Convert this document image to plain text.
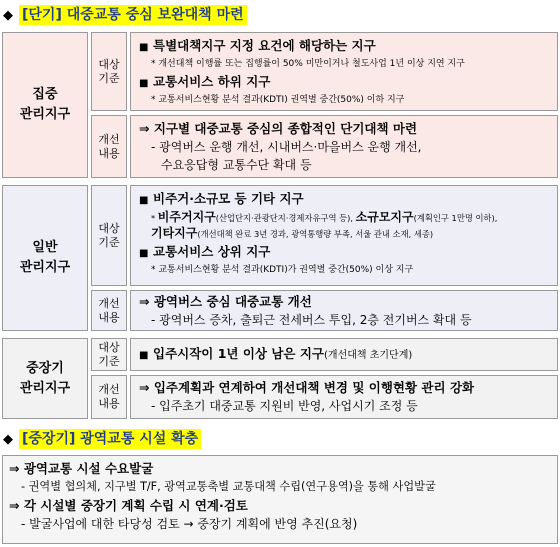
◆ [단기] 대중교통 중심 보완대책 마련
집중
관리지구
대상
기준
■ 특별대책지구 지정 요건에 해당하는 지구
* 개선대책 이행률 또는 집행률이 50% 미만이거나 철도사업 1년 이상 지연 지구
■ 교통서비스 하위 지구
* 교통서비스현황 분석 결과(KDTI) 권역별 중간(50%) 이하 지구
개선
내용
⇒ 지구별 대중교통 중심의 종합적인 단기대책 마련
- 광역버스 운행 개선, 시내버스·마을버스 운행 개선,
수요응답형 교통수단 확대 등
일반
관리지구
대상
기준
■ 비주거·소규모 등 기타 지구
* 비주거지구(산업단지·관광단지·경제자유구역 등), 소규모지구(계획인구 1만명 이하),
기타지구(개선대책 완료 3년 경과, 광역통행량 부족, 서울 관내 소재, 세종)
■ 교통서비스 상위 지구
* 교통서비스현황 분석 결과(KDTI)가 권역별 중간(50%) 이상 지구
개선
내용
⇒ 광역버스 중심 대중교통 개선
- 광역버스 증차, 출퇴근 전세버스 투입, 2층 전기버스 확대 등
중장기
관리지구
대상
기준 ■ 입주시작이 1년 이상 남은 지구(개선대책 초기단계)
개선
내용
⇒ 입주계획과 연계하여 개선대책 변경 및 이행현황 관리 강화
- 입주초기 대중교통 지원비 반영, 사업시기 조정 등
◆ [중장기] 광역교통 시설 확충
⇒ 광역교통 시설 수요발굴
- 권역별 협의체, 지구별 T/F, 광역교통축별 교통대책 수립(연구용역)을 통해 사업발굴
⇒ 각 시설별 중장기 계획 수립 시 연계·검토
- 발굴사업에 대한 타당성 검토 → 중장기 계획에 반영 추진(요청)
